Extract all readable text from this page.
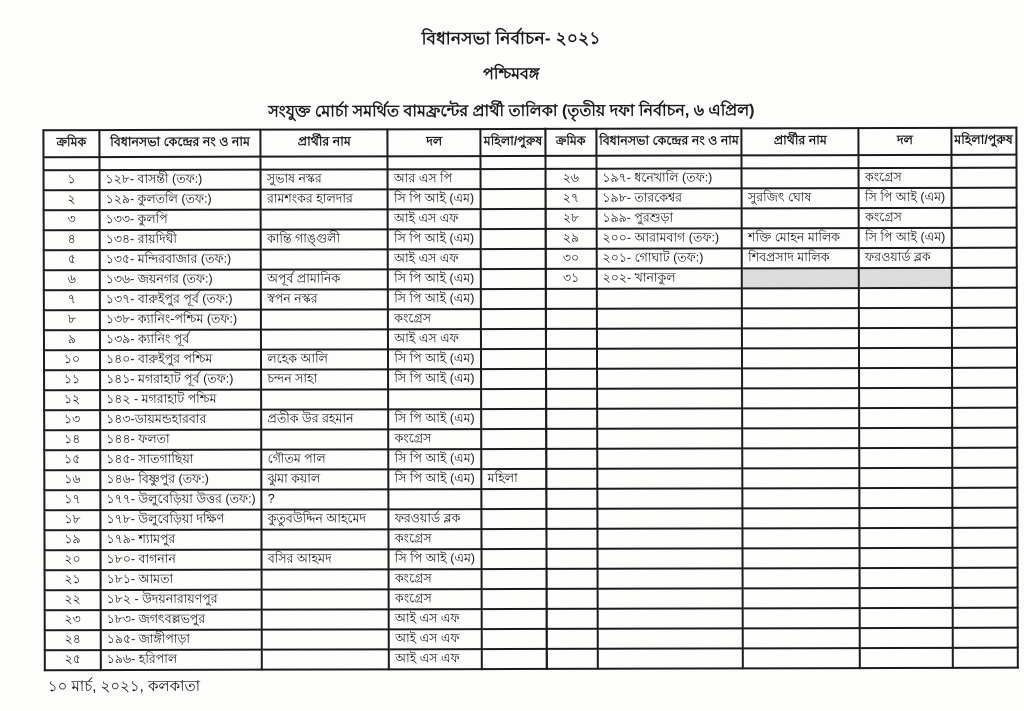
বিধানসভা নির্বাচন- ২০২১
পশ্চিমবঙ্গ
সংযুক্ত মোর্চা সমর্থিত বামফ্রন্টের প্রার্থী তালিকা (তৃতীয় দফা নির্বাচন, ৬ এপ্রিল)
ক্রমিক	বিধানসভা কেন্দ্রের নং ও নাম	প্রার্থীর নাম	দল	মহিলা/পুরুষ

১	১২৮- বাসন্তী (তফ:)	সুভাষ নস্কর	আর এস পি	
২	১২৯- কুলতলি (তফ:)	রামশংকর হালদার	সি পি আই (এম)	
৩	১৩৩- কুলপি		আই এস এফ	
৪	১৩৪- রায়দিঘী	কান্তি গাঙ্গুলী	সি পি আই (এম)	
৫	১৩৫- মন্দিরবাজার (তফ:)		আই এস এফ	
৬	১৩৬- জয়নগর (তফ:)	অপূর্ব প্রামানিক	সি পি আই (এম)	
৭	১৩৭- বারুইপুর পূর্ব (তফ:)	স্বপন নস্কর	সি পি আই (এম)	
৮	১৩৮- ক্যানিং-পশ্চিম (তফ:)		কংগ্রেস	
৯	১৩৯- ক্যানিং পূর্ব		আই এস এফ	
১০	১৪০- বারুইপুর পশ্চিম	লহেক আলি	সি পি আই (এম)	
১১	১৪১- মগরাহাট পূর্ব (তফ:)	চন্দন সাহা	সি পি আই (এম)	
১২	১৪২ - মগরাহাট পশ্চিম			
১৩	১৪৩-ডায়মন্ডহারবার	প্রতীক উর রহমান	সি পি আই (এম)	
১৪	১৪৪- ফলতা		কংগ্রেস	
১৫	১৪৫- সাতগাছিয়া	গৌতম পাল	সি পি আই (এম)	
১৬	১৪৬- বিষ্ণুপুর (তফ:)	ঝুমা কয়াল	সি পি আই (এম)	মহিলা
১৭	১৭৭- উলুবেড়িয়া উত্তর (তফ:)	?		
১৮	১৭৮- উলুবেড়িয়া দক্ষিণ	কুতুবউদ্দিন আহমেদ	ফরওয়ার্ড ব্লক	
১৯	১৭৯- শ্যামপুর		কংগ্রেস	
২০	১৮০- বাগনান	বসির আহমদ	সি পি আই (এম)	
২১	১৮১- আমতা		কংগ্রেস	
২২	১৮২ - উদয়নারায়ণপুর		কংগ্রেস	
২৩	১৮৩- জগৎবল্লভপুর		আই এস এফ	
২৪	১৯৫- জাঙ্গীপাড়া		আই এস এফ	
২৫	১৯৬- হরিপাল		আই এস এফ	
ক্রমিক	বিধানসভা কেন্দ্রের নং ও নাম	প্রার্থীর নাম	দল	মহিলা/পুরুষ

২৬	১৯৭- ধনেখালি (তফ:)		কংগ্রেস	
২৭	১৯৮- তারকেশ্বর	সুরজিৎ ঘোষ	সি পি আই (এম)	
২৮	১৯৯- পুরশুড়া		কংগ্রেস	
২৯	২০০- আরামবাগ (তফ:)	শক্তি মোহন মালিক	সি পি আই (এম)	
৩০	২০১- গোঘাট (তফ:)	শিবপ্রসাদ মালিক	ফরওয়ার্ড ব্লক	
৩১	২০২- খানাকুল			

১০ মার্চ, ২০২১, কলকাতা
